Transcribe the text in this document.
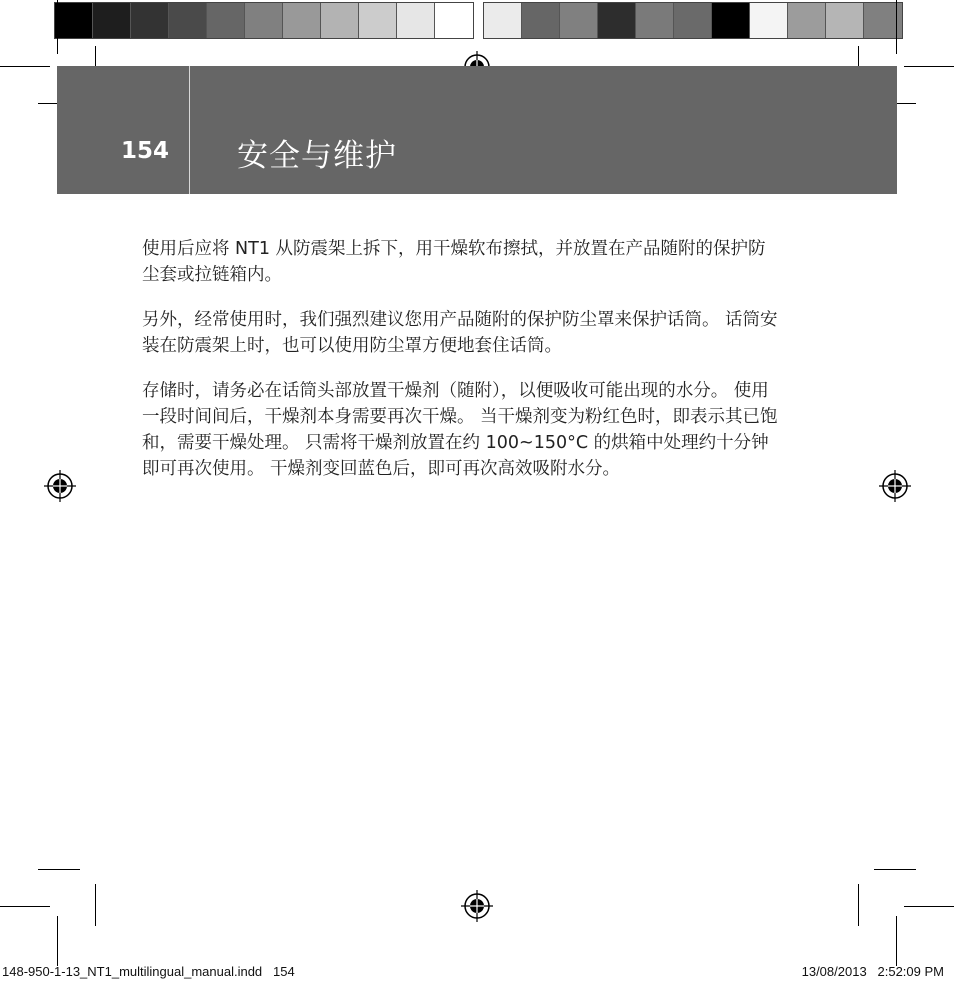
154 安全与维护

使用后应将 NT1 从防震架上拆下，用干燥软布擦拭，并放置在产品随附的保护防尘套或拉链箱内。

另外，经常使用时，我们强烈建议您用产品随附的保护防尘罩来保护话筒。 话筒安装在防震架上时，也可以使用防尘罩方便地套住话筒。

存储时，请务必在话筒头部放置干燥剂（随附），以便吸收可能出现的水分。 使用一段时间间后，干燥剂本身需要再次干燥。 当干燥剂变为粉红色时，即表示其已饱和，需要干燥处理。 只需将干燥剂放置在约 100~150°C 的烘箱中处理约十分钟即可再次使用。 干燥剂变回蓝色后，即可再次高效吸附水分。

148-950-1-13_NT1_multilingual_manual.indd   154	13/08/2013   2:52:09 PM
